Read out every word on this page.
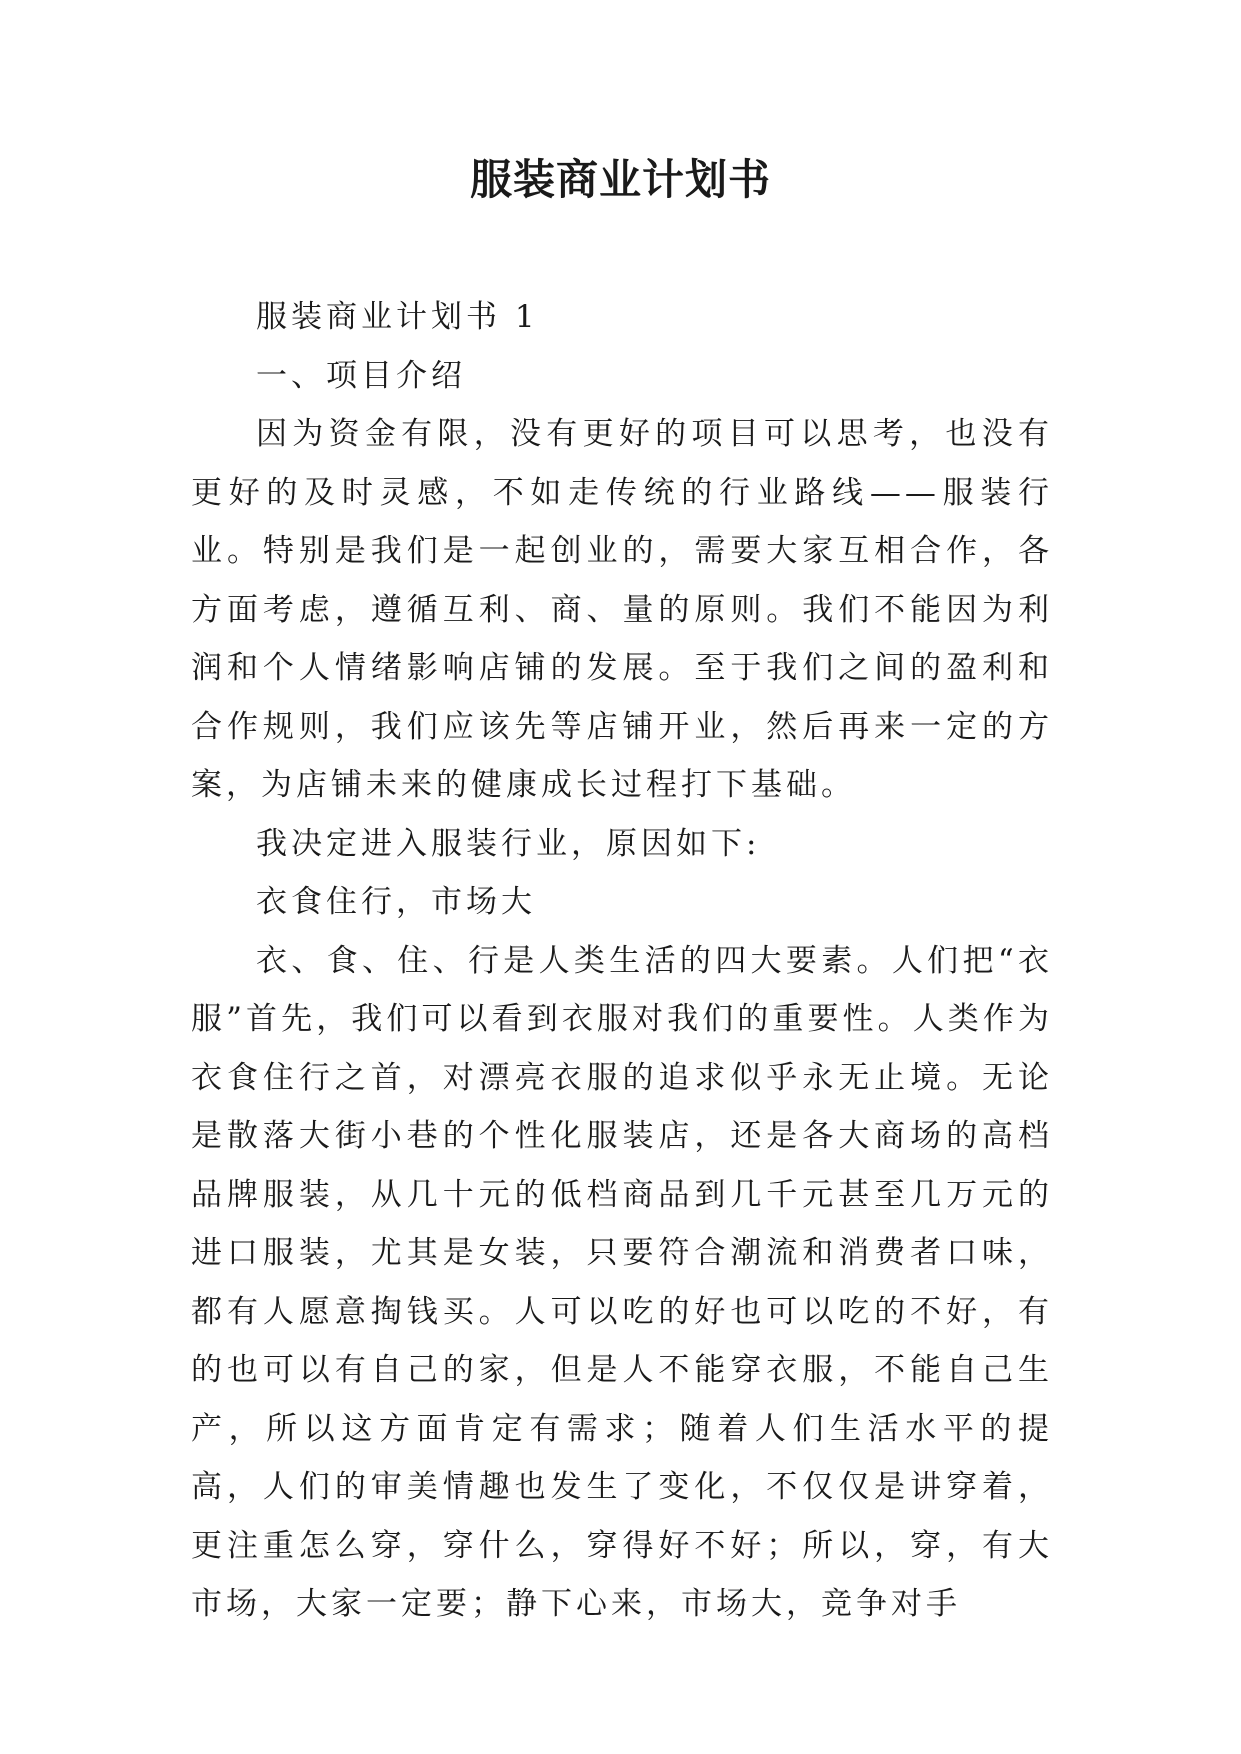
服装商业计划书

服装商业计划书 1

一、项目介绍

因为资金有限，没有更好的项目可以思考，也没有更好的及时灵感，不如走传统的行业路线——服装行业。特别是我们是一起创业的，需要大家互相合作，各方面考虑，遵循互利、商、量的原则。我们不能因为利润和个人情绪影响店铺的发展。至于我们之间的盈利和合作规则，我们应该先等店铺开业，然后再来一定的方案，为店铺未来的健康成长过程打下基础。

我决定进入服装行业，原因如下:

衣食住行，市场大

衣、食、住、行是人类生活的四大要素。人们把“衣服”首先，我们可以看到衣服对我们的重要性。人类作为衣食住行之首，对漂亮衣服的追求似乎永无止境。无论是散落大街小巷的个性化服装店，还是各大商场的高档品牌服装，从几十元的低档商品到几千元甚至几万元的进口服装，尤其是女装，只要符合潮流和消费者口味，都有人愿意掏钱买。人可以吃的好也可以吃的不好，有的也可以有自己的家，但是人不能穿衣服，不能自己生产，所以这方面肯定有需求；随着人们生活水平的提高，人们的审美情趣也发生了变化，不仅仅是讲穿着，更注重怎么穿，穿什么，穿得好不好；所以，穿，有大市场，大家一定要；静下心来，市场大，竞争对手
